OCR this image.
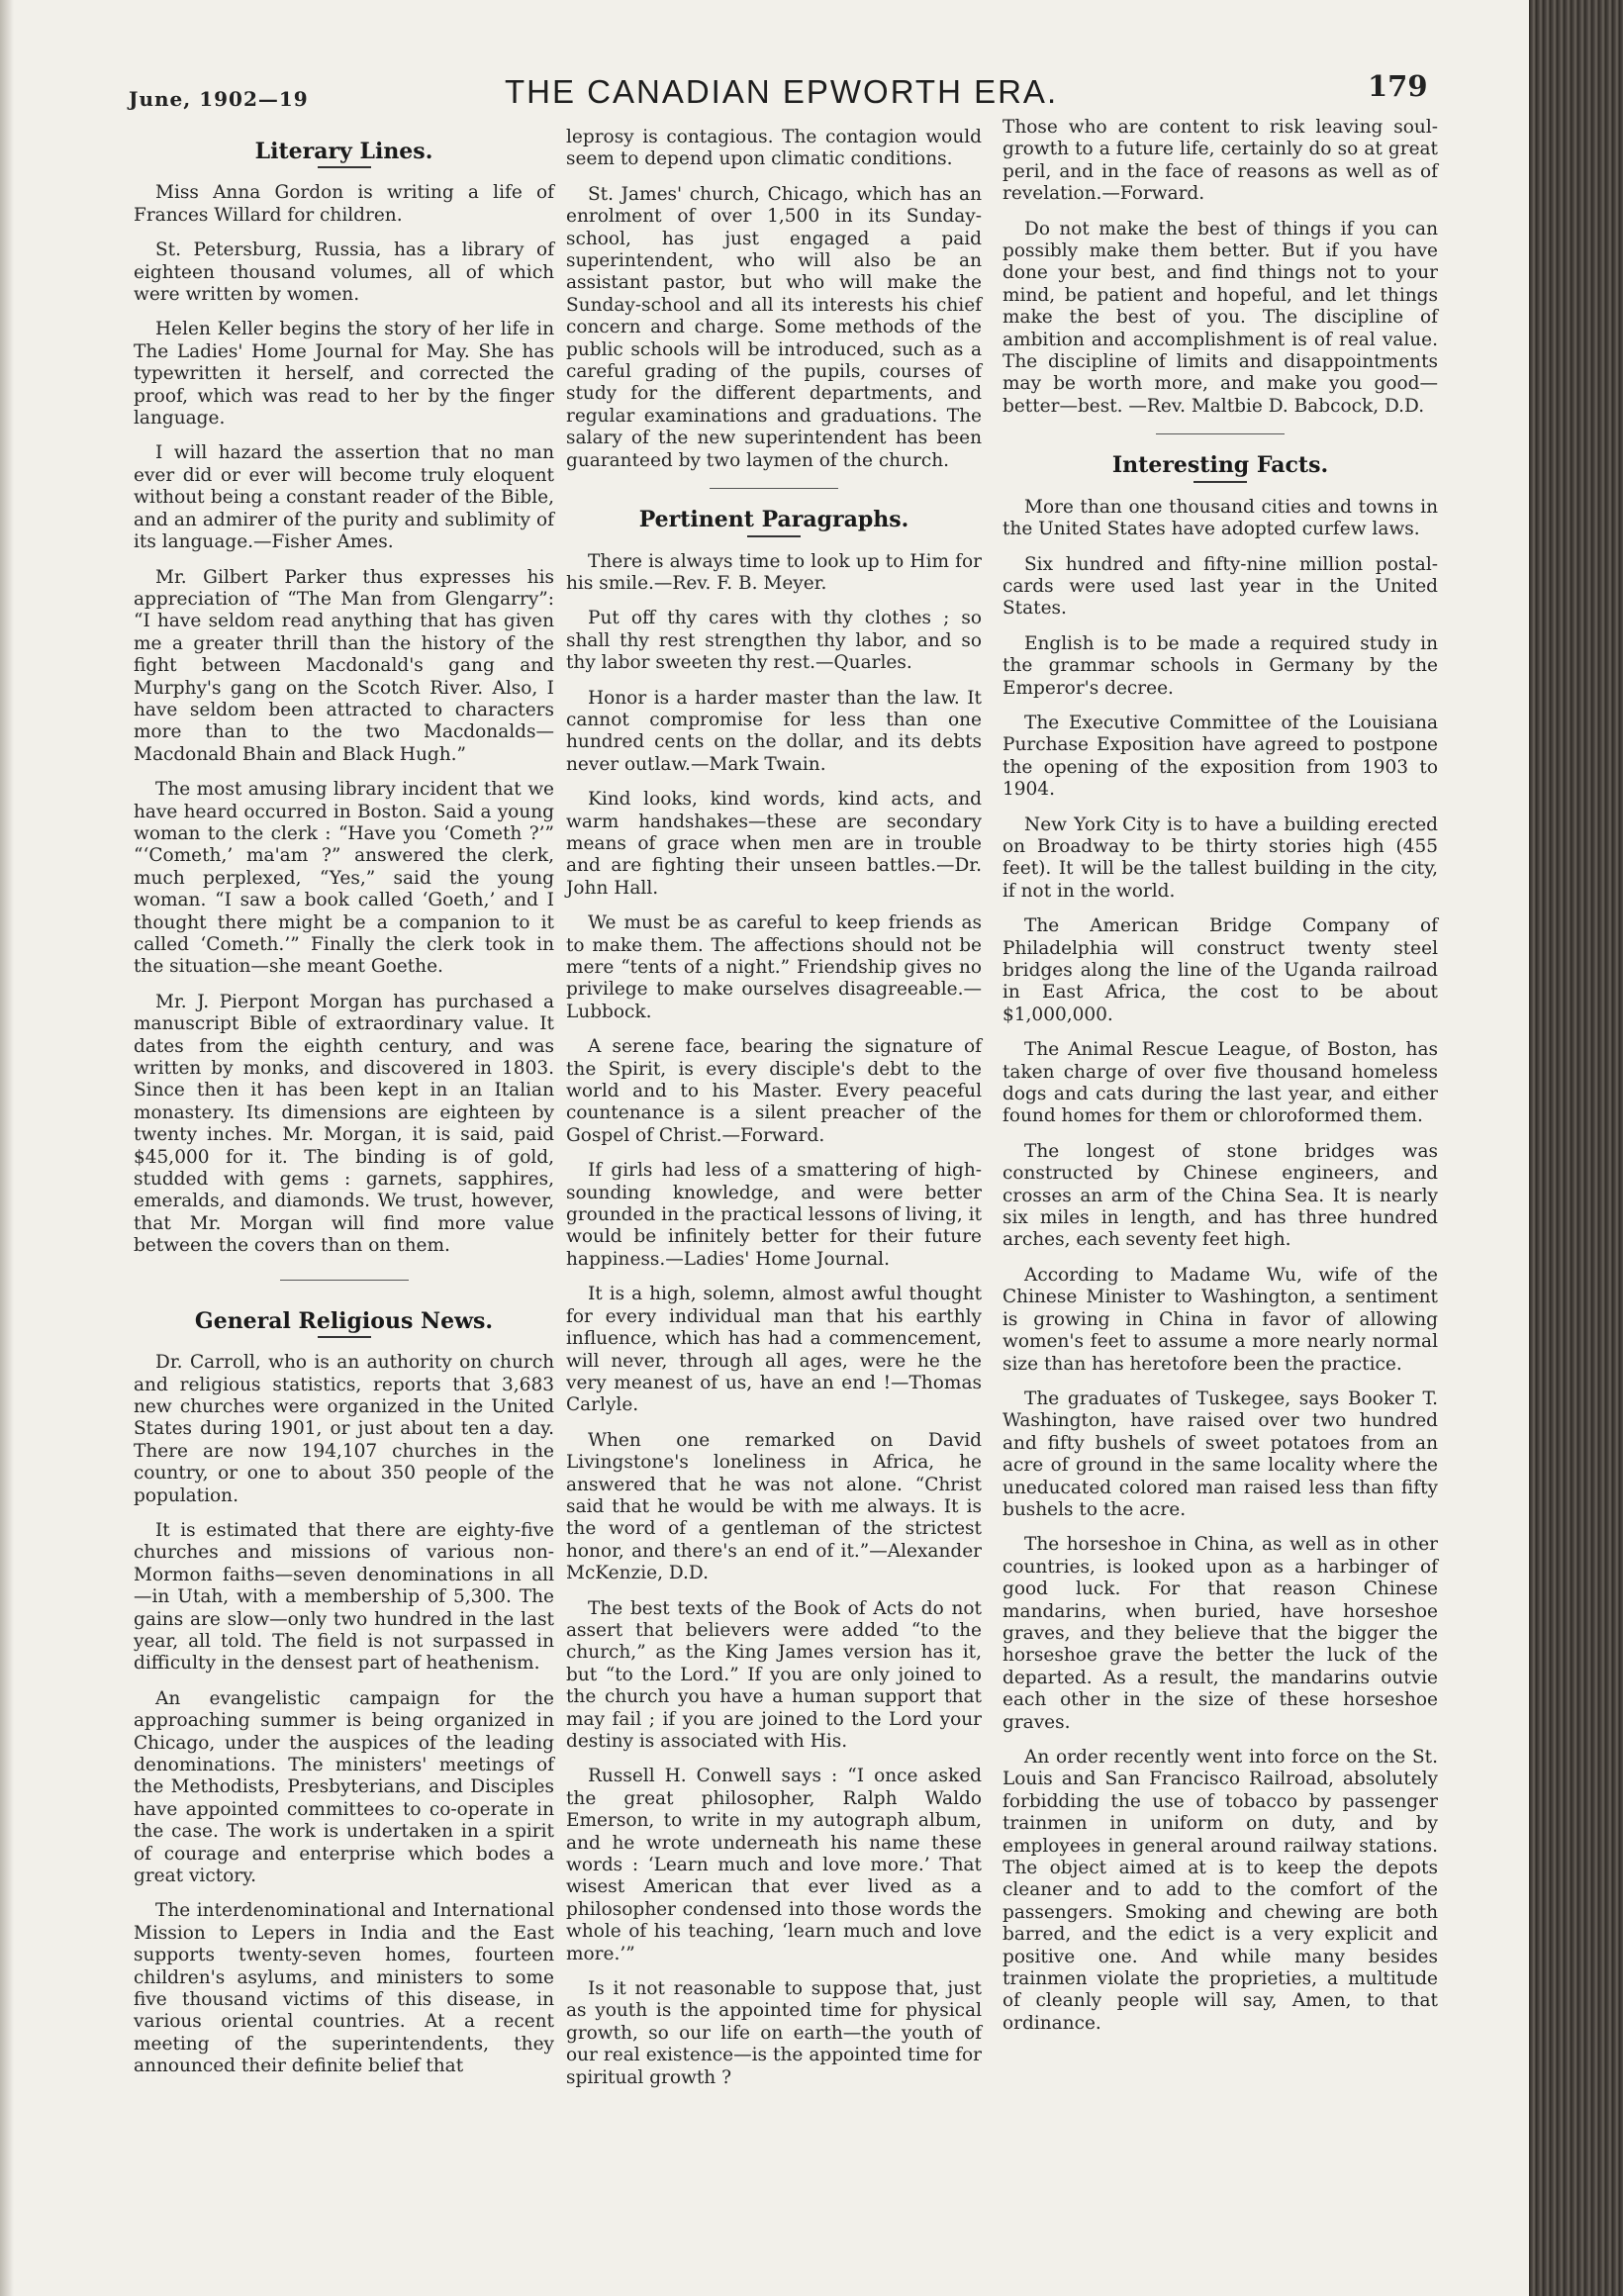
June, 1902—19	THE CANADIAN EPWORTH ERA.	179
Literary Lines.

Miss Anna Gordon is writing a life of Frances Willard for children.

St. Petersburg, Russia, has a library of eighteen thousand volumes, all of which were written by women.

Helen Keller begins the story of her life in The Ladies' Home Journal for May. She has typewritten it herself, and corrected the proof, which was read to her by the finger language.

I will hazard the assertion that no man ever did or ever will become truly eloquent without being a constant reader of the Bible, and an admirer of the purity and sublimity of its language.—Fisher Ames.

Mr. Gilbert Parker thus expresses his appreciation of “The Man from Glengarry”: “I have seldom read anything that has given me a greater thrill than the history of the fight between Macdonald's gang and Murphy's gang on the Scotch River. Also, I have seldom been attracted to characters more than to the two Macdonalds—Macdonald Bhain and Black Hugh.”

The most amusing library incident that we have heard occurred in Boston. Said a young woman to the clerk : “Have you ‘Cometh ?’” “‘Cometh,’ ma'am ?” answered the clerk, much perplexed, “Yes,” said the young woman. “I saw a book called ‘Goeth,’ and I thought there might be a companion to it called ‘Cometh.’” Finally the clerk took in the situation—she meant Goethe.

Mr. J. Pierpont Morgan has purchased a manuscript Bible of extraordinary value. It dates from the eighth century, and was written by monks, and discovered in 1803. Since then it has been kept in an Italian monastery. Its dimensions are eighteen by twenty inches. Mr. Morgan, it is said, paid $45,000 for it. The binding is of gold, studded with gems : garnets, sapphires, emeralds, and diamonds. We trust, however, that Mr. Morgan will find more value between the covers than on them.

General Religious News.

Dr. Carroll, who is an authority on church and religious statistics, reports that 3,683 new churches were organized in the United States during 1901, or just about ten a day. There are now 194,107 churches in the country, or one to about 350 people of the population.

It is estimated that there are eighty-five churches and missions of various non-Mormon faiths—seven denominations in all—in Utah, with a membership of 5,300. The gains are slow—only two hundred in the last year, all told. The field is not surpassed in difficulty in the densest part of heathenism.

An evangelistic campaign for the approaching summer is being organized in Chicago, under the auspices of the leading denominations. The ministers' meetings of the Methodists, Presbyterians, and Disciples have appointed committees to co-operate in the case. The work is undertaken in a spirit of courage and enterprise which bodes a great victory.

The interdenominational and International Mission to Lepers in India and the East supports twenty-seven homes, fourteen children's asylums, and ministers to some five thousand victims of this disease, in various oriental countries. At a recent meeting of the superintendents, they announced their definite belief that

leprosy is contagious. The contagion would seem to depend upon climatic conditions.

St. James' church, Chicago, which has an enrolment of over 1,500 in its Sunday-school, has just engaged a paid superintendent, who will also be an assistant pastor, but who will make the Sunday-school and all its interests his chief concern and charge. Some methods of the public schools will be introduced, such as a careful grading of the pupils, courses of study for the different departments, and regular examinations and graduations. The salary of the new superintendent has been guaranteed by two laymen of the church.

Pertinent Paragraphs.

There is always time to look up to Him for his smile.—Rev. F. B. Meyer.

Put off thy cares with thy clothes ; so shall thy rest strengthen thy labor, and so thy labor sweeten thy rest.—Quarles.

Honor is a harder master than the law. It cannot compromise for less than one hundred cents on the dollar, and its debts never outlaw.—Mark Twain.

Kind looks, kind words, kind acts, and warm handshakes—these are secondary means of grace when men are in trouble and are fighting their unseen battles.—Dr. John Hall.

We must be as careful to keep friends as to make them. The affections should not be mere “tents of a night.” Friendship gives no privilege to make ourselves disagreeable.—Lubbock.

A serene face, bearing the signature of the Spirit, is every disciple's debt to the world and to his Master. Every peaceful countenance is a silent preacher of the Gospel of Christ.—Forward.

If girls had less of a smattering of high-sounding knowledge, and were better grounded in the practical lessons of living, it would be infinitely better for their future happiness.—Ladies' Home Journal.

It is a high, solemn, almost awful thought for every individual man that his earthly influence, which has had a commencement, will never, through all ages, were he the very meanest of us, have an end !—Thomas Carlyle.

When one remarked on David Livingstone's loneliness in Africa, he answered that he was not alone. “Christ said that he would be with me always. It is the word of a gentleman of the strictest honor, and there's an end of it.”—Alexander McKenzie, D.D.

The best texts of the Book of Acts do not assert that believers were added “to the church,” as the King James version has it, but “to the Lord.” If you are only joined to the church you have a human support that may fail ; if you are joined to the Lord your destiny is associated with His.

Russell H. Conwell says : “I once asked the great philosopher, Ralph Waldo Emerson, to write in my autograph album, and he wrote underneath his name these words : ‘Learn much and love more.’ That wisest American that ever lived as a philosopher condensed into those words the whole of his teaching, ‘learn much and love more.’”

Is it not reasonable to suppose that, just as youth is the appointed time for physical growth, so our life on earth—the youth of our real existence—is the appointed time for spiritual growth ?

Those who are content to risk leaving soul-growth to a future life, certainly do so at great peril, and in the face of reasons as well as of revelation.—Forward.

Do not make the best of things if you can possibly make them better. But if you have done your best, and find things not to your mind, be patient and hopeful, and let things make the best of you. The discipline of ambition and accomplishment is of real value. The discipline of limits and disappointments may be worth more, and make you good—better—best. —Rev. Maltbie D. Babcock, D.D.

Interesting Facts.

More than one thousand cities and towns in the United States have adopted curfew laws.

Six hundred and fifty-nine million postal-cards were used last year in the United States.

English is to be made a required study in the grammar schools in Germany by the Emperor's decree.

The Executive Committee of the Louisiana Purchase Exposition have agreed to postpone the opening of the exposition from 1903 to 1904.

New York City is to have a building erected on Broadway to be thirty stories high (455 feet). It will be the tallest building in the city, if not in the world.

The American Bridge Company of Philadelphia will construct twenty steel bridges along the line of the Uganda railroad in East Africa, the cost to be about $1,000,000.

The Animal Rescue League, of Boston, has taken charge of over five thousand homeless dogs and cats during the last year, and either found homes for them or chloroformed them.

The longest of stone bridges was constructed by Chinese engineers, and crosses an arm of the China Sea. It is nearly six miles in length, and has three hundred arches, each seventy feet high.

According to Madame Wu, wife of the Chinese Minister to Washington, a sentiment is growing in China in favor of allowing women's feet to assume a more nearly normal size than has heretofore been the practice.

The graduates of Tuskegee, says Booker T. Washington, have raised over two hundred and fifty bushels of sweet potatoes from an acre of ground in the same locality where the uneducated colored man raised less than fifty bushels to the acre.

The horseshoe in China, as well as in other countries, is looked upon as a harbinger of good luck. For that reason Chinese mandarins, when buried, have horseshoe graves, and they believe that the bigger the horseshoe grave the better the luck of the departed. As a result, the mandarins outvie each other in the size of these horseshoe graves.

An order recently went into force on the St. Louis and San Francisco Railroad, absolutely forbidding the use of tobacco by passenger trainmen in uniform on duty, and by employees in general around railway stations. The object aimed at is to keep the depots cleaner and to add to the comfort of the passengers. Smoking and chewing are both barred, and the edict is a very explicit and positive one. And while many besides trainmen violate the proprieties, a multitude of cleanly people will say, Amen, to that ordinance.
